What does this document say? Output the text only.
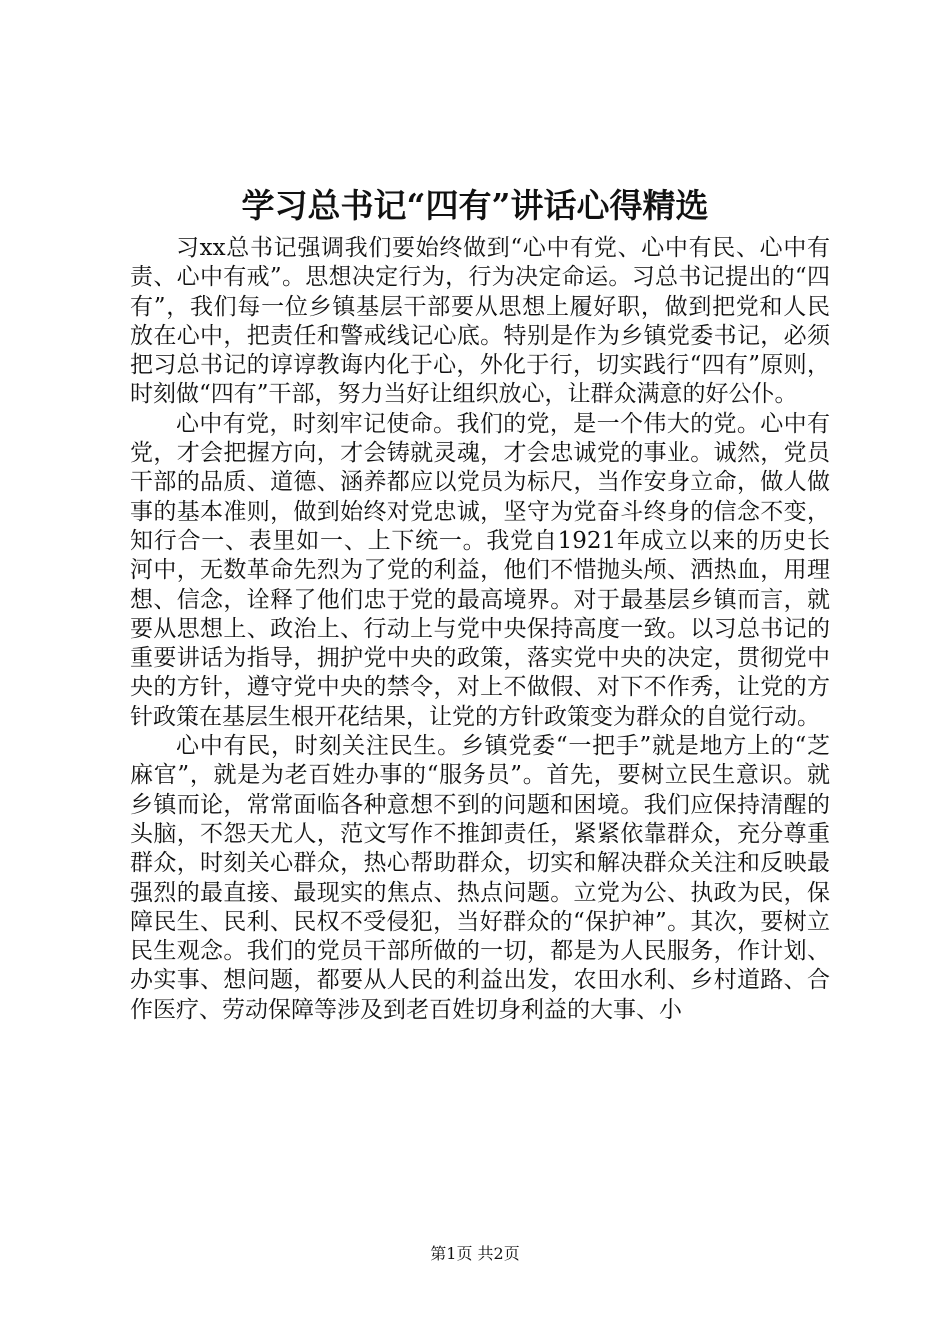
学习总书记“四有”讲话心得精选

习xx总书记强调我们要始终做到“心中有党、心中有民、心中有责、心中有戒”。思想决定行为，行为决定命运。习总书记提出的“四有”，我们每一位乡镇基层干部要从思想上履好职，做到把党和人民放在心中，把责任和警戒线记心底。特别是作为乡镇党委书记，必须把习总书记的谆谆教诲内化于心，外化于行，切实践行“四有”原则，时刻做“四有”干部，努力当好让组织放心，让群众满意的好公仆。

心中有党，时刻牢记使命。我们的党，是一个伟大的党。心中有党，才会把握方向，才会铸就灵魂，才会忠诚党的事业。诚然，党员干部的品质、道德、涵养都应以党员为标尺，当作安身立命，做人做事的基本准则，做到始终对党忠诚，坚守为党奋斗终身的信念不变，知行合一、表里如一、上下统一。我党自1921年成立以来的历史长河中，无数革命先烈为了党的利益，他们不惜抛头颅、洒热血，用理想、信念，诠释了他们忠于党的最高境界。对于最基层乡镇而言，就要从思想上、政治上、行动上与党中央保持高度一致。以习总书记的重要讲话为指导，拥护党中央的政策，落实党中央的决定，贯彻党中央的方针，遵守党中央的禁令，对上不做假、对下不作秀，让党的方针政策在基层生根开花结果，让党的方针政策变为群众的自觉行动。

心中有民，时刻关注民生。乡镇党委“一把手”就是地方上的“芝麻官”，就是为老百姓办事的“服务员”。首先，要树立民生意识。就乡镇而论，常常面临各种意想不到的问题和困境。我们应保持清醒的头脑，不怨天尤人，范文写作不推卸责任，紧紧依靠群众，充分尊重群众，时刻关心群众，热心帮助群众，切实和解决群众关注和反映最强烈的最直接、最现实的焦点、热点问题。立党为公、执政为民，保障民生、民利、民权不受侵犯，当好群众的“保护神”。其次，要树立民生观念。我们的党员干部所做的一切，都是为人民服务，作计划、办实事、想问题，都要从人民的利益出发，农田水利、乡村道路、合作医疗、劳动保障等涉及到老百姓切身利益的大事、小

第1页 共2页
